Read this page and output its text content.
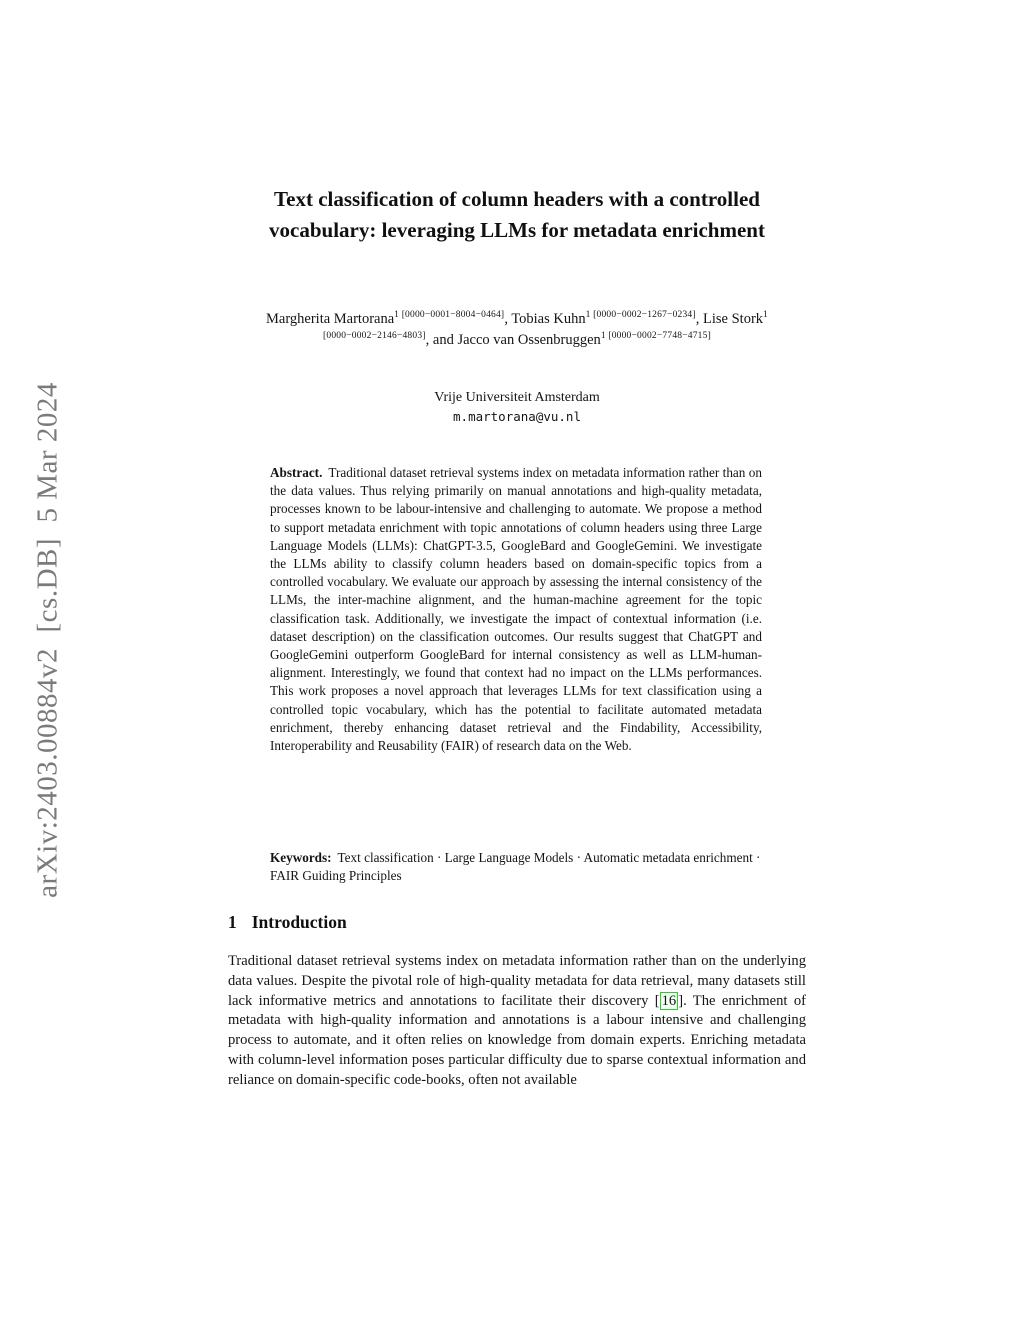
arXiv:2403.00884v2  [cs.DB]  5 Mar 2024
Text classification of column headers with a controlled vocabulary: leveraging LLMs for metadata enrichment
Margherita Martorana$^{1 [0000-0001-8004-0464]}$, Tobias Kuhn$^{1 [0000-0002-1267-0234]}$, Lise Stork$^{1 [0000-0002-2146-4803]}$, and Jacco van Ossenbruggen$^{1 [0000-0002-7748-4715]}$
Vrije Universiteit Amsterdam
m.martorana@vu.nl

Abstract. Traditional dataset retrieval systems index on metadata information rather than on the data values. Thus relying primarily on manual annotations and high-quality metadata, processes known to be labour-intensive and challenging to automate. We propose a method to support metadata enrichment with topic annotations of column headers using three Large Language Models (LLMs): ChatGPT-3.5, GoogleBard and GoogleGemini. We investigate the LLMs ability to classify column headers based on domain-specific topics from a controlled vocabulary. We evaluate our approach by assessing the internal consistency of the LLMs, the inter-machine alignment, and the human-machine agreement for the topic classification task. Additionally, we investigate the impact of contextual information (i.e. dataset description) on the classification outcomes. Our results suggest that ChatGPT and GoogleGemini outperform GoogleBard for internal consistency as well as LLM-human-alignment. Interestingly, we found that context had no impact on the LLMs performances. This work proposes a novel approach that leverages LLMs for text classification using a controlled topic vocabulary, which has the potential to facilitate automated metadata enrichment, thereby enhancing dataset retrieval and the Findability, Accessibility, Interoperability and Reusability (FAIR) of research data on the Web.

Keywords: Text classification · Large Language Models · Automatic metadata enrichment · FAIR Guiding Principles

1 Introduction

Traditional dataset retrieval systems index on metadata information rather than on the underlying data values. Despite the pivotal role of high-quality metadata for data retrieval, many datasets still lack informative metrics and annotations to facilitate their discovery [ 16 ]. The enrichment of metadata with high-quality information and annotations is a labour intensive and challenging process to automate, and it often relies on knowledge from domain experts. Enriching metadata with column-level information poses particular difficulty due to sparse contextual information and reliance on domain-specific code-books, often not available
